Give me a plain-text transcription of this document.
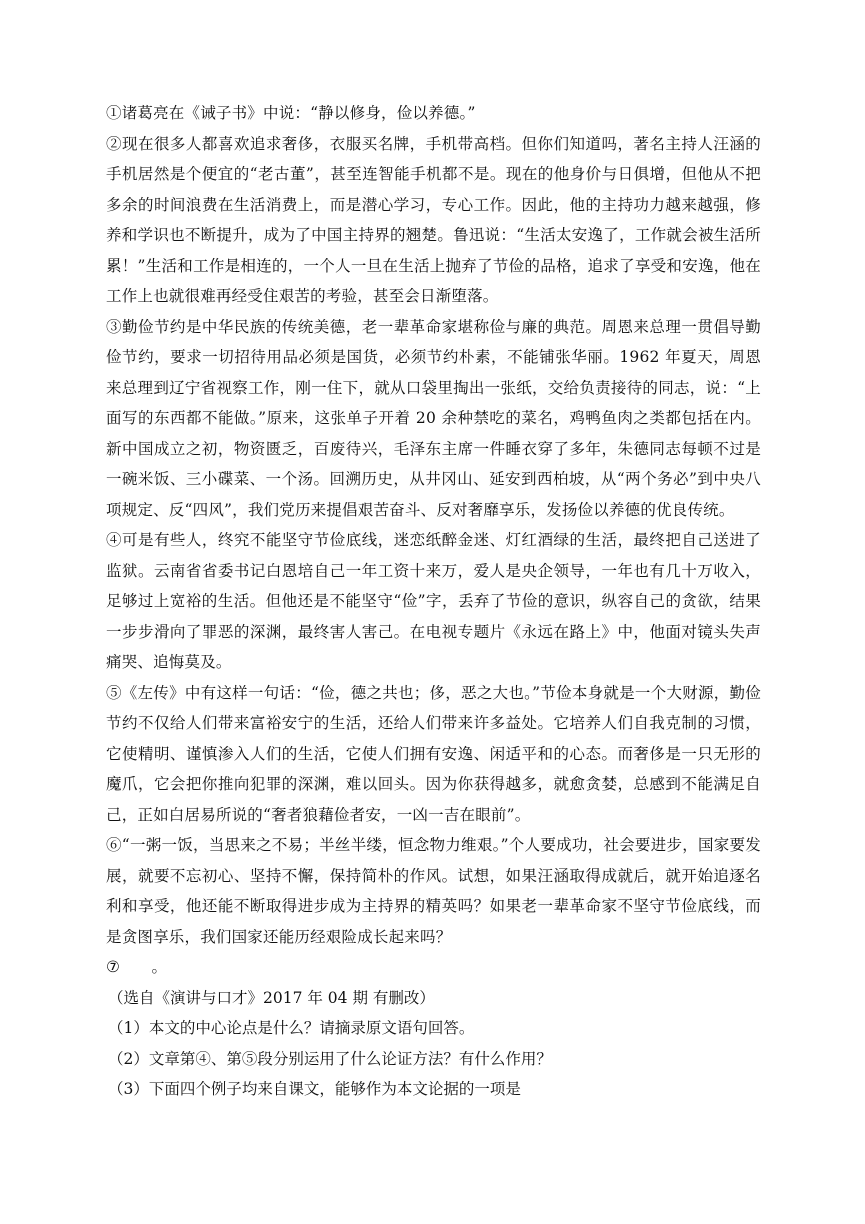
①诸葛亮在《诫子书》中说：“静以修身，俭以养德。”

②现在很多人都喜欢追求奢侈，衣服买名牌，手机带高档。但你们知道吗，著名主持人汪涵的手机居然是个便宜的“老古董”，甚至连智能手机都不是。现在的他身价与日俱增，但他从不把多余的时间浪费在生活消费上，而是潜心学习，专心工作。因此，他的主持功力越来越强，修养和学识也不断提升，成为了中国主持界的翘楚。鲁迅说：“生活太安逸了，工作就会被生活所累！”生活和工作是相连的，一个人一旦在生活上抛弃了节俭的品格，追求了享受和安逸，他在工作上也就很难再经受住艰苦的考验，甚至会日渐堕落。

③勤俭节约是中华民族的传统美德，老一辈革命家堪称俭与廉的典范。周恩来总理一贯倡导勤俭节约，要求一切招待用品必须是国货，必须节约朴素，不能铺张华丽。1962 年夏天，周恩来总理到辽宁省视察工作，刚一住下，就从口袋里掏出一张纸，交给负责接待的同志，说：“上面写的东西都不能做。”原来，这张单子开着 20 余种禁吃的菜名，鸡鸭鱼肉之类都包括在内。新中国成立之初，物资匮乏，百废待兴，毛泽东主席一件睡衣穿了多年，朱德同志每顿不过是一碗米饭、三小碟菜、一个汤。回溯历史，从井冈山、延安到西柏坡，从“两个务必”到中央八项规定、反“四风”，我们党历来提倡艰苦奋斗、反对奢靡享乐，发扬俭以养德的优良传统。

④可是有些人，终究不能坚守节俭底线，迷恋纸醉金迷、灯红酒绿的生活，最终把自己送进了监狱。云南省省委书记白恩培自己一年工资十来万，爱人是央企领导，一年也有几十万收入，足够过上宽裕的生活。但他还是不能坚守“俭”字，丢弃了节俭的意识，纵容自己的贪欲，结果一步步滑向了罪恶的深渊，最终害人害己。在电视专题片《永远在路上》中，他面对镜头失声痛哭、追悔莫及。

⑤《左传》中有这样一句话：“俭，德之共也；侈，恶之大也。”节俭本身就是一个大财源，勤俭节约不仅给人们带来富裕安宁的生活，还给人们带来许多益处。它培养人们自我克制的习惯，它使精明、谨慎渗入人们的生活，它使人们拥有安逸、闲适平和的心态。而奢侈是一只无形的魔爪，它会把你推向犯罪的深渊，难以回头。因为你获得越多，就愈贪婪，总感到不能满足自己，正如白居易所说的“奢者狼藉俭者安，一凶一吉在眼前”。

⑥“一粥一饭，当思来之不易；半丝半缕，恒念物力维艰。”个人要成功，社会要进步，国家要发展，就要不忘初心、坚持不懈，保持简朴的作风。试想，如果汪涵取得成就后，就开始追逐名利和享受，他还能不断取得进步成为主持界的精英吗？如果老一辈革命家不坚守节俭底线，而是贪图享乐，我们国家还能历经艰险成长起来吗？

⑦　　。

（选自《演讲与口才》2017 年 04 期 有删改）

（1）本文的中心论点是什么？请摘录原文语句回答。

（2）文章第④、第⑤段分别运用了什么论证方法？有什么作用？

（3）下面四个例子均来自课文，能够作为本文论据的一项是
